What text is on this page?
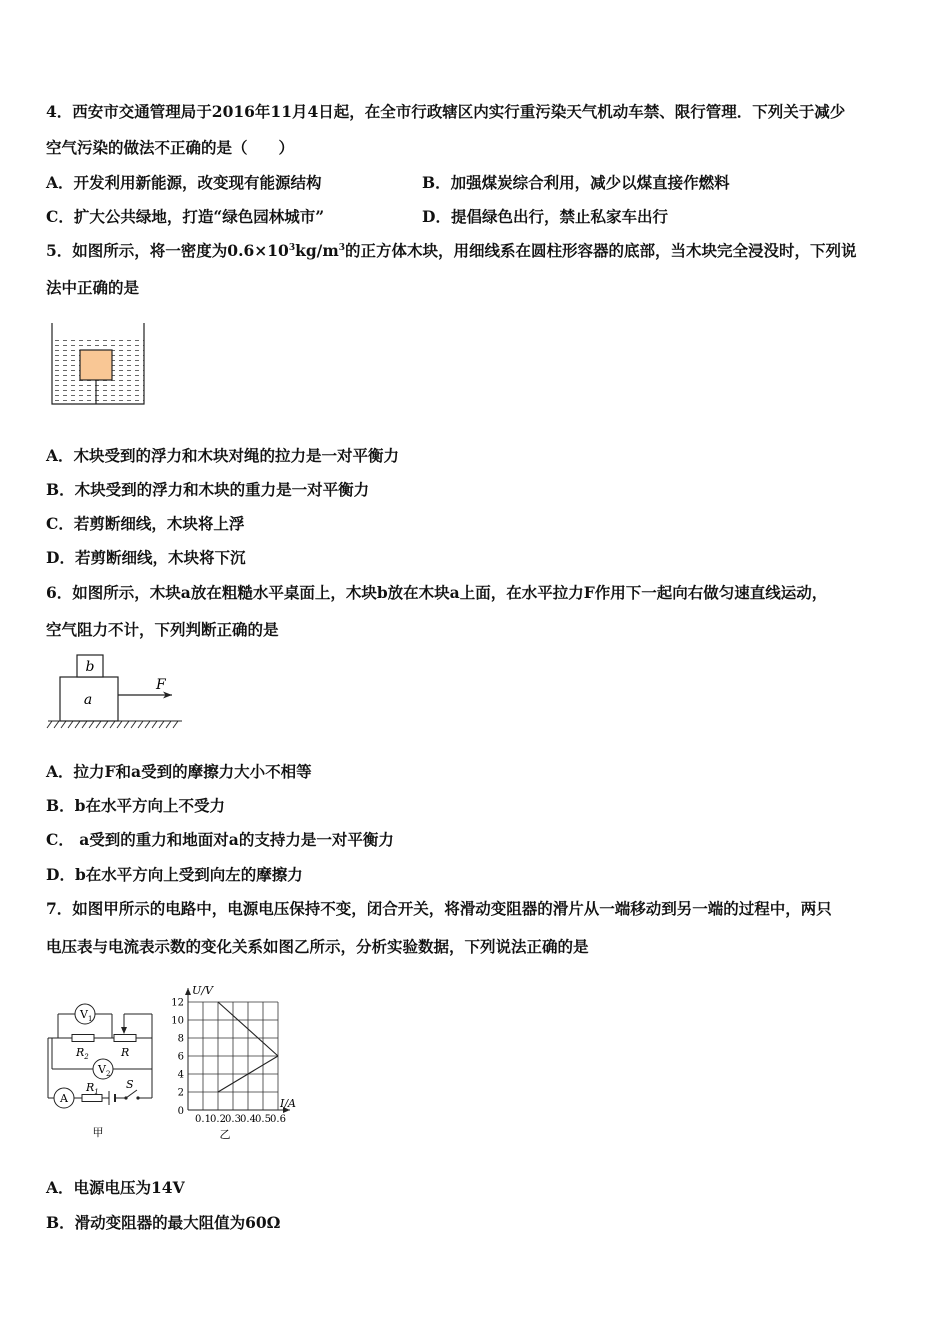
4．西安市交通管理局于2016年11月4日起，在全市行政辖区内实行重污染天气机动车禁、限行管理．下列关于减少
空气污染的做法不正确的是（　　）
A．开发利用新能源，改变现有能源结构	B．加强煤炭综合利用，减少以煤直接作燃料
C．扩大公共绿地，打造“绿色园林城市”	D．提倡绿色出行，禁止私家车出行
5．如图所示，将一密度为$0.6\times 10^3kg/m^3$的正方体木块，用细线系在圆柱形容器的底部，当木块完全浸没时，下列说
法中正确的是
A．木块受到的浮力和木块对绳的拉力是一对平衡力
B．木块受到的浮力和木块的重力是一对平衡力
C．若剪断细线，木块将上浮
D．若剪断细线，木块将下沉
6．如图所示，木块a放在粗糙水平桌面上，木块b放在木块a上面，在水平拉力F作用下一起向右做匀速直线运动，
空气阻力不计，下列判断正确的是
b
a
F
A．拉力F和a受到的摩擦力大小不相等
B．b在水平方向上不受力
C． a受到的重力和地面对a的支持力是一对平衡力
D．b在水平方向上受到向左的摩擦力
7．如图甲所示的电路中，电源电压保持不变，闭合开关，将滑动变阻器的滑片从一端移动到另一端的过程中，两只
电压表与电流表示数的变化关系如图乙所示，分析实验数据，下列说法正确的是
$V_1$
$V_2$
A
$R_2$	R
$R_1$
S
甲
0.1 0.2 0.3 0.4 0.5 0.6
2
4
6
8
10
12
U/V
I/A
0
乙
A．电源电压为14V
B．滑动变阻器的最大阻值为60Ω
